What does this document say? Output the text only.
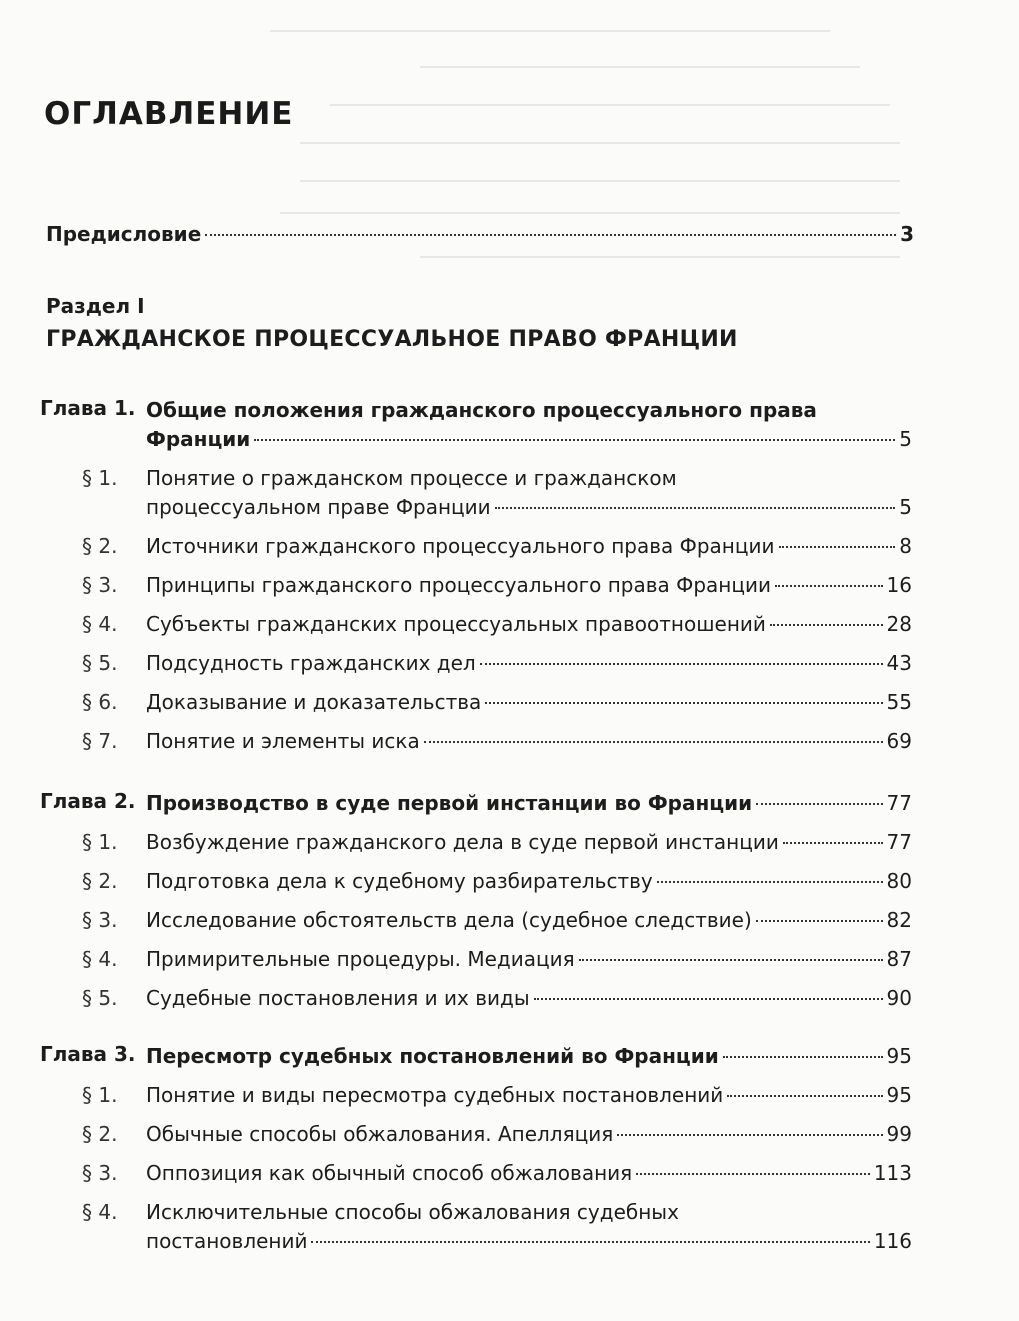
ОГЛАВЛЕНИЕ
Предисловие	3
Раздел I
ГРАЖДАНСКОЕ ПРОЦЕССУАЛЬНОЕ ПРАВО ФРАНЦИИ
Глава 1. Общие положения гражданского процессуального права
Франции	5
§ 1.	Понятие о гражданском процессе и гражданском
процессуальном праве Франции	5
§ 2.	Источники гражданского процессуального права Франции	8
§ 3.	Принципы гражданского процессуального права Франции	16
§ 4.	Субъекты гражданских процессуальных правоотношений	28
§ 5.	Подсудность гражданских дел	43
§ 6.	Доказывание и доказательства	55
§ 7.	Понятие и элементы иска	69
Глава 2. Производство в суде первой инстанции во Франции	77
§ 1.	Возбуждение гражданского дела в суде первой инстанции	77
§ 2.	Подготовка дела к судебному разбирательству	80
§ 3.	Исследование обстоятельств дела (судебное следствие)	82
§ 4.	Примирительные процедуры. Медиация	87
§ 5.	Судебные постановления и их виды	90
Глава 3. Пересмотр судебных постановлений во Франции	95
§ 1.	Понятие и виды пересмотра судебных постановлений	95
§ 2.	Обычные способы обжалования. Апелляция	99
§ 3.	Оппозиция как обычный способ обжалования	113
§ 4.	Исключительные способы обжалования судебных
постановлений	116
